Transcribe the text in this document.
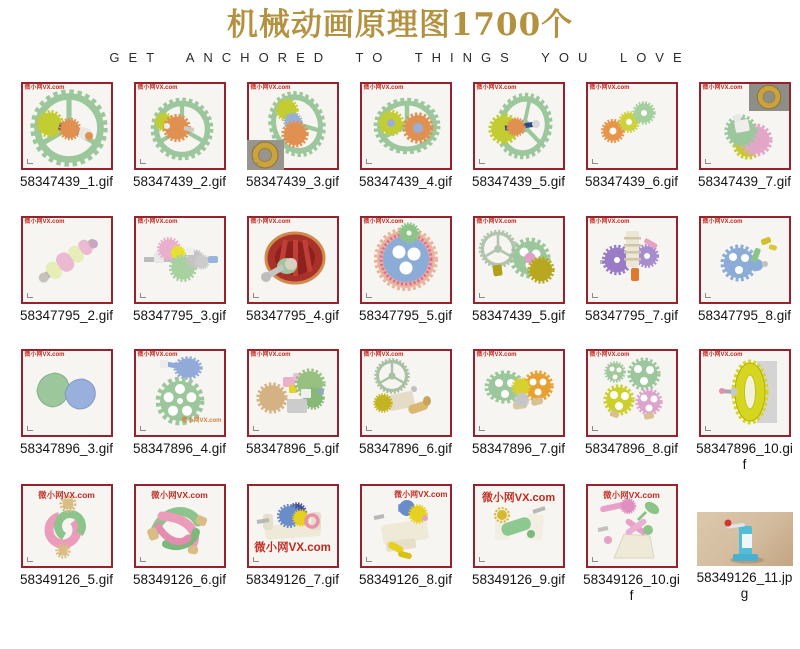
机械动画原理图1700个
GET ANCHORED TO THINGS YOU LOVE
微小网VX.com
58347439_1.gif
微小网VX.com
58347439_2.gif
微小网VX.com
58347439_3.gif
微小网VX.com
58347439_4.gif
微小网VX.com
58347439_5.gif
微小网VX.com
58347439_6.gif
微小网VX.com
58347439_7.gif
微小网VX.com
58347795_2.gif
微小网VX.com
58347795_3.gif
微小网VX.com
58347795_4.gif
微小网VX.com
58347795_5.gif
微小网VX.com
58347439_5.gif
微小网VX.com
58347795_7.gif
微小网VX.com
58347795_8.gif
微小网VX.com
58347896_3.gif
微小网VX.com
微小网VX.com
58347896_4.gif
微小网VX.com
58347896_5.gif
微小网VX.com
58347896_6.gif
微小网VX.com
58347896_7.gif
微小网VX.com
58347896_8.gif
微小网VX.com
58347896_10.gif
微小网VX.com
58349126_5.gif
微小网VX.com
58349126_6.gif
微小网VX.com
58349126_7.gif
微小网VX.com
58349126_8.gif
微小网VX.com
58349126_9.gif
微小网VX.com
58349126_10.gif
58349126_11.jpg
